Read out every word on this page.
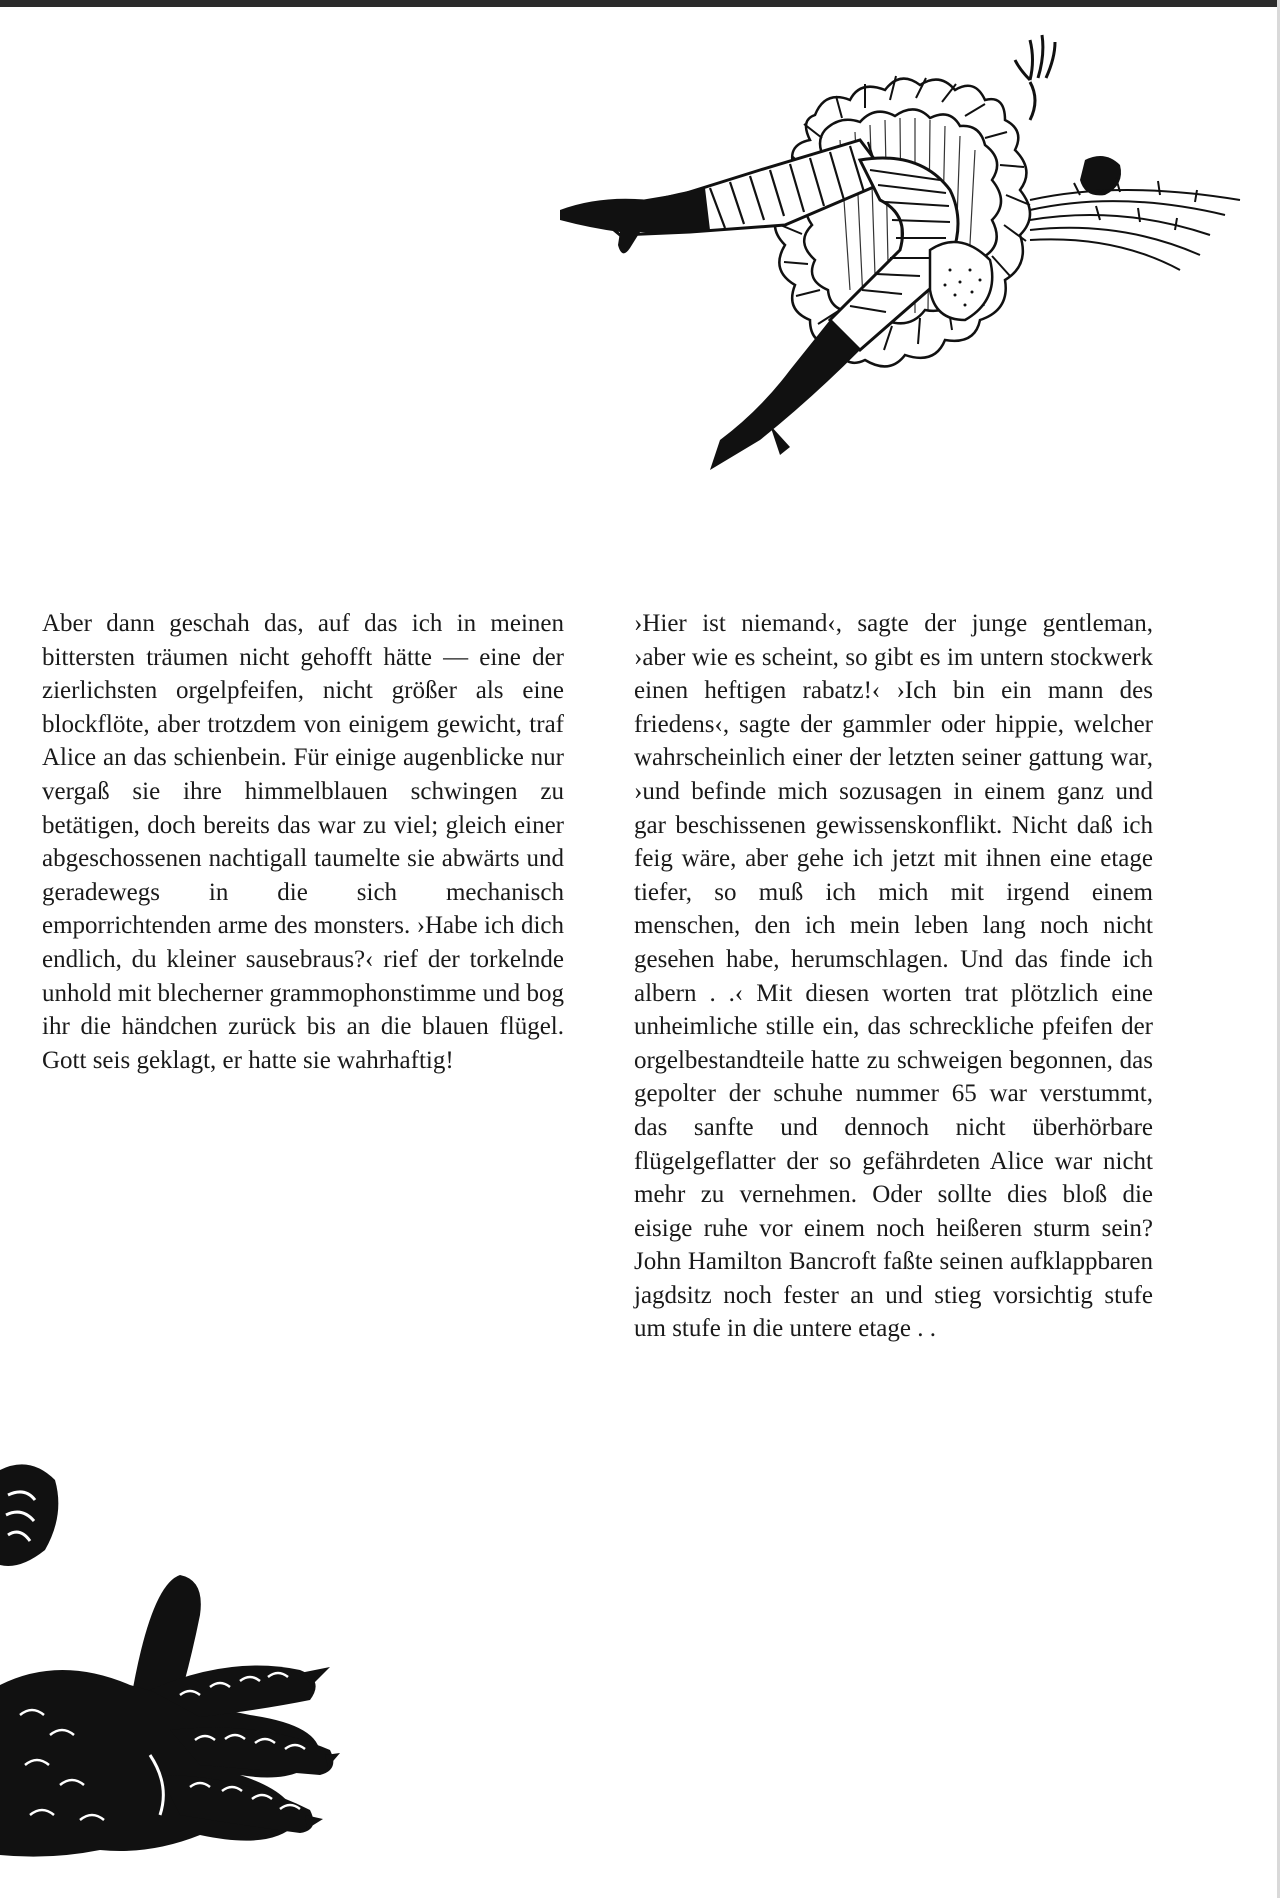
Aber dann geschah das, auf das ich in meinen bittersten träumen nicht gehofft hätte — eine der zierlichsten orgelpfeifen, nicht größer als eine blockflöte, aber trotzdem von einigem gewicht, traf Alice an das schienbein. Für einige augenblicke nur vergaß sie ihre himmelblauen schwingen zu betätigen, doch bereits das war zu viel; gleich einer abgeschossenen nachtigall taumelte sie abwärts und geradewegs in die sich mechanisch emporrichtenden arme des monsters. ›Habe ich dich endlich, du kleiner sausebraus?‹ rief der torkelnde unhold mit blecherner grammophonstimme und bog ihr die händchen zurück bis an die blauen flügel. Gott seis geklagt, er hatte sie wahrhaftig!

›Hier ist niemand‹, sagte der junge gentleman, ›aber wie es scheint, so gibt es im untern stockwerk einen heftigen rabatz!‹ ›Ich bin ein mann des friedens‹, sagte der gammler oder hippie, welcher wahrscheinlich einer der letzten seiner gattung war, ›und befinde mich sozusagen in einem ganz und gar beschissenen gewissenskonflikt. Nicht daß ich feig wäre, aber gehe ich jetzt mit ihnen eine etage tiefer, so muß ich mich mit irgend einem menschen, den ich mein leben lang noch nicht gesehen habe, herumschlagen. Und das finde ich albern . .‹ Mit diesen worten trat plötzlich eine unheimliche stille ein, das schreckliche pfeifen der orgelbestandteile hatte zu schweigen begonnen, das gepolter der schuhe nummer 65 war verstummt, das sanfte und dennoch nicht überhörbare flügelgeflatter der so gefährdeten Alice war nicht mehr zu vernehmen. Oder sollte dies bloß die eisige ruhe vor einem noch heißeren sturm sein? John Hamilton Bancroft faßte seinen aufklappbaren jagdsitz noch fester an und stieg vorsichtig stufe um stufe in die untere etage . .
